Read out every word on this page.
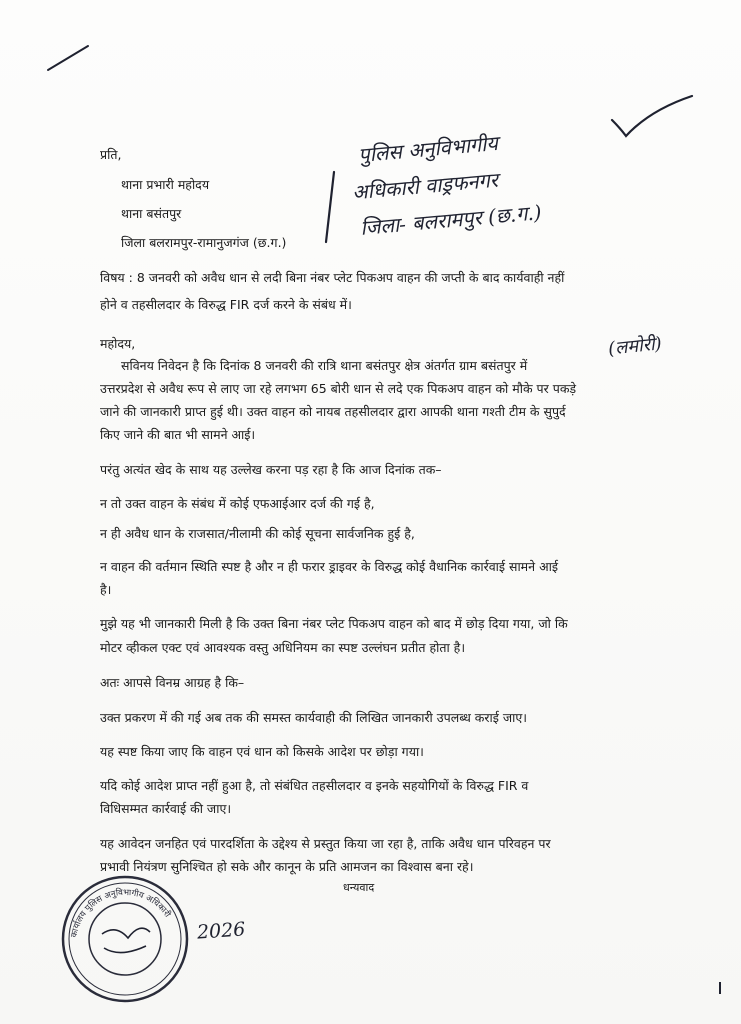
प्रति,
थाना प्रभारी महोदय
थाना बसंतपुर
जिला बलरामपुर-रामानुजगंज (छ.ग.)
पुलिस अनुविभागीय
अधिकारी वाड्रफनगर
जिला- बलरामपुर (छ.ग.)
विषय : 8 जनवरी को अवैध धान से लदी बिना नंबर प्लेट पिकअप वाहन की जप्ती के बाद कार्यवाही नहीं
होने व तहसीलदार के विरुद्ध FIR दर्ज करने के संबंध में।
महोदय,
सविनय निवेदन है कि दिनांक 8 जनवरी की रात्रि थाना बसंतपुर क्षेत्र अंतर्गत ग्राम बसंतपुर में
(लमोरी)
उत्तरप्रदेश से अवैध रूप से लाए जा रहे लगभग 65 बोरी धान से लदे एक पिकअप वाहन को मौके पर पकड़े
जाने की जानकारी प्राप्त हुई थी। उक्त वाहन को नायब तहसीलदार द्वारा आपकी थाना गश्ती टीम के सुपुर्द
किए जाने की बात भी सामने आई।
परंतु अत्यंत खेद के साथ यह उल्लेख करना पड़ रहा है कि आज दिनांक तक–
न तो उक्त वाहन के संबंध में कोई एफआईआर दर्ज की गई है,
न ही अवैध धान के राजसात/नीलामी की कोई सूचना सार्वजनिक हुई है,
न वाहन की वर्तमान स्थिति स्पष्ट है और न ही फरार ड्राइवर के विरुद्ध कोई वैधानिक कार्रवाई सामने आई
है।
मुझे यह भी जानकारी मिली है कि उक्त बिना नंबर प्लेट पिकअप वाहन को बाद में छोड़ दिया गया, जो कि
मोटर व्हीकल एक्ट एवं आवश्यक वस्तु अधिनियम का स्पष्ट उल्लंघन प्रतीत होता है।
अतः आपसे विनम्र आग्रह है कि–
उक्त प्रकरण में की गई अब तक की समस्त कार्यवाही की लिखित जानकारी उपलब्ध कराई जाए।
यह स्पष्ट किया जाए कि वाहन एवं धान को किसके आदेश पर छोड़ा गया।
यदि कोई आदेश प्राप्त नहीं हुआ है, तो संबंधित तहसीलदार व इनके सहयोगियों के विरुद्ध FIR व
विधिसम्मत कार्रवाई की जाए।
यह आवेदन जनहित एवं पारदर्शिता के उद्देश्य से प्रस्तुत किया जा रहा है, ताकि अवैध धान परिवहन पर
प्रभावी नियंत्रण सुनिश्चित हो सके और कानून के प्रति आमजन का विश्वास बना रहे।
धन्यवाद
कार्यालय पुलिस अनुविभागीय अधिकारी
2026
